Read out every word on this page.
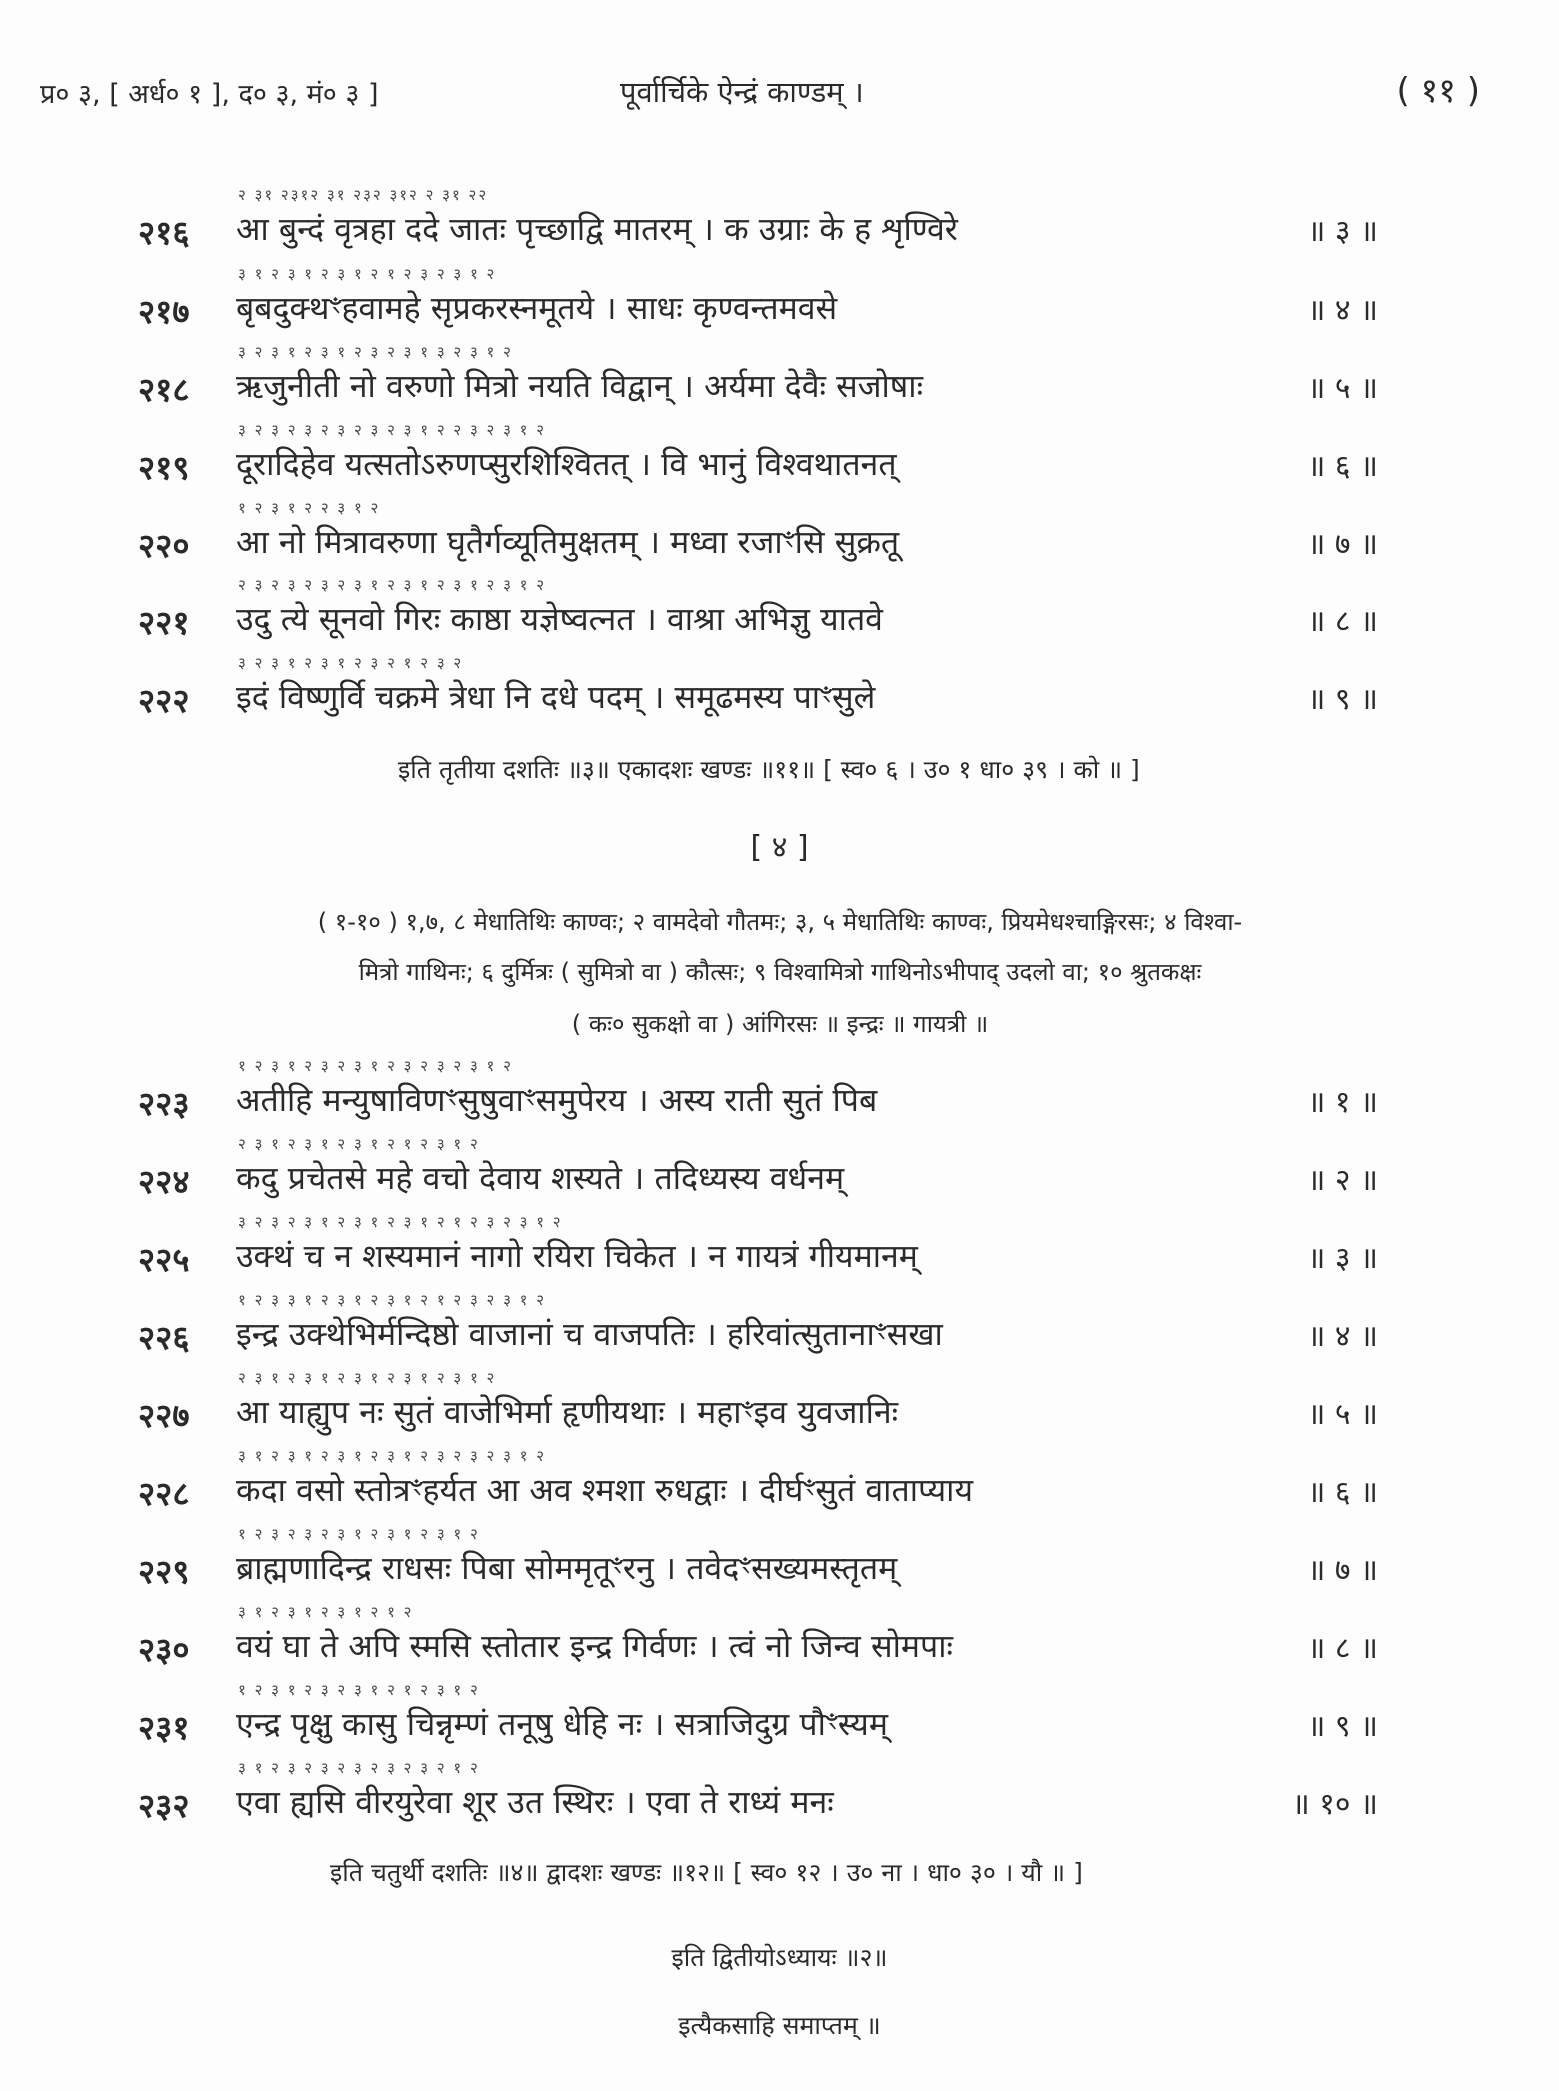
प्र० ३, [ अर्ध० १ ], द० ३, मं० ३ ]	पूर्वार्चिके ऐन्द्रं काण्डम् ।	( ११ )
२ ३१ २३१२ ३१ २३२ ३१२ २ ३१ २२
२१६ आ बुन्दं वृत्रहा ददे जातः पृच्छाद्वि मातरम् । क उग्राः के ह शृण्विरे	॥ ३ ॥
३ १ २ ३ १ २ ३ १ २ १ २ ३ २ ३ १ २
२१७ बृबदुक्थꣳहवामहे सृप्रकरस्नमूतये । साधः कृण्वन्तमवसे	॥ ४ ॥
३ २ ३ १ २ ३ १ २ ३ २ ३ १ ३ २ ३ १ २
२१८ ऋजुनीती नो वरुणो मित्रो नयति विद्वान् । अर्यमा देवैः सजोषाः	॥ ५ ॥
३ २ ३ २ ३ २ ३ २ ३ २ ३ १ २ २ ३ २ ३ १ २
२१९ दूरादिहेव यत्सतोऽरुणप्सुरशिश्वितत् । वि भानुं विश्वथातनत्	॥ ६ ॥
१ २ ३ १ २ २ ३ १ २
२२० आ नो मित्रावरुणा घृतैर्गव्यूतिमुक्षतम् । मध्वा रजाꣳसि सुक्रतू	॥ ७ ॥
२ ३ २ ३ २ ३ २ ३ १ २ ३ १ २ ३ १ २ ३ १ २
२२१ उदु त्ये सूनवो गिरः काष्ठा यज्ञेष्वत्नत । वाश्रा अभिज्ञु यातवे	॥ ८ ॥
३ २ ३ १ २ ३ १ २ ३ २ १ २ ३ २
२२२ इदं विष्णुर्वि चक्रमे त्रेधा नि दधे पदम् । समूढमस्य पाꣳसुले	॥ ९ ॥
इति तृतीया दशतिः ॥३॥ एकादशः खण्डः ॥११॥ [ स्व० ६ । उ० १ धा० ३९ । को ॥ ]
[ ४ ]
( १-१० ) १,७, ८ मेधातिथिः काण्वः; २ वामदेवो गौतमः; ३, ५ मेधातिथिः काण्वः, प्रियमेधश्चाङ्गिरसः; ४ विश्वा-
मित्रो गाथिनः; ६ दुर्मित्रः ( सुमित्रो वा ) कौत्सः; ९ विश्वामित्रो गाथिनोऽभीपाद् उदलो वा; १० श्रुतकक्षः
( कः० सुकक्षो वा ) आंगिरसः ॥ इन्द्रः ॥ गायत्री ॥
१ २ ३ १ २ ३ २ ३ १ २ ३ २ ३ २ ३ १ २
२२३ अतीहि मन्युषाविणꣳसुषुवाꣳसमुपेरय । अस्य राती सुतं पिब	॥ १ ॥
२ ३ १ २ ३ १ २ ३ १ २ १ २ ३ १ २
२२४ कदु प्रचेतसे महे वचो देवाय शस्यते । तदिध्यस्य वर्धनम्	॥ २ ॥
३ २ ३ २ ३ १ २ ३ १ २ ३ १ २ १ २ ३ २ ३ १ २
२२५ उक्थं च न शस्यमानं नागो रयिरा चिकेत । न गायत्रं गीयमानम्	॥ ३ ॥
१ २ ३ ३ १ २ ३ १ २ ३ १ २ १ २ ३ २ ३ १ २
२२६ इन्द्र उक्थेभिर्मन्दिष्ठो वाजानां च वाजपतिः । हरिवांत्सुतानाꣳसखा	॥ ४ ॥
२ ३ १ २ ३ १ २ ३ १ २ ३ १ २ ३ १ २
२२७ आ याह्युप नः सुतं वाजेभिर्मा हृणीयथाः । महाꣳइव युवजानिः	॥ ५ ॥
३ १ २ ३ १ २ ३ १ २ ३ १ २ ३ २ ३ २ ३ १ २
२२८ कदा वसो स्तोत्रꣳहर्यत आ अव श्मशा रुधद्वाः । दीर्घꣳसुतं वाताप्याय	॥ ६ ॥
१ २ ३ २ ३ २ ३ १ २ ३ १ २ ३ १ २
२२९ ब्राह्मणादिन्द्र राधसः पिबा सोममृतूꣳरनु । तवेदꣳसख्यमस्तृतम्	॥ ७ ॥
३ १ २ ३ १ २ ३ १ २ १ २
२३० वयं घा ते अपि स्मसि स्तोतार इन्द्र गिर्वणः । त्वं नो जिन्व सोमपाः	॥ ८ ॥
१ २ ३ १ २ ३ २ ३ १ २ १ २ ३ १ २
२३१ एन्द्र पृक्षु कासु चिन्नृम्णं तनूषु धेहि नः । सत्राजिदुग्र पौꣳस्यम्	॥ ९ ॥
३ १ २ ३ २ ३ २ ३ २ ३ २ ३ २ १ २
२३२ एवा ह्यसि वीरयुरेवा शूर उत स्थिरः । एवा ते राध्यं मनः	॥ १० ॥
इति चतुर्थी दशतिः ॥४॥ द्वादशः खण्डः ॥१२॥ [ स्व० १२ । उ० ना । धा० ३० । यौ ॥ ]
इति द्वितीयोऽध्यायः ॥२॥
इत्यैकसाहि समाप्तम् ॥
